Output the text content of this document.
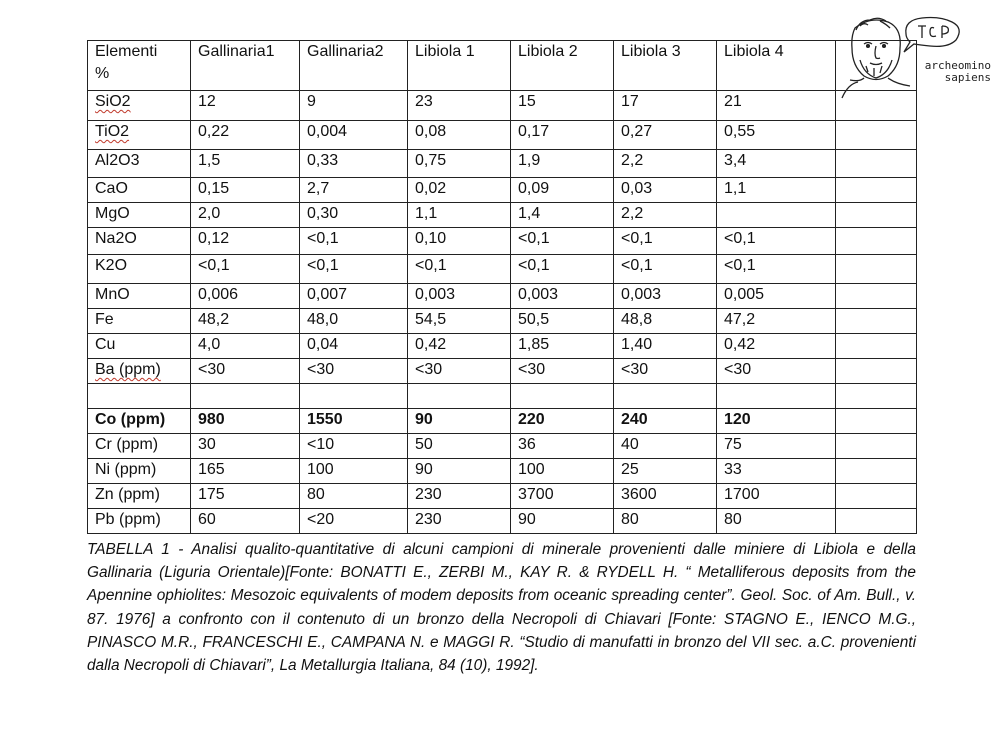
Elementi
%	Gallinaria1	Gallinaria2	Libiola 1	Libiola 2	Libiola 3	Libiola 4	

SiO2	12	9	23	15	17	21	
TiO2	0,22	0,004	0,08	0,17	0,27	0,55	
Al2O3	1,5	0,33	0,75	1,9	2,2	3,4	
CaO	0,15	2,7	0,02	0,09	0,03	1,1	
MgO	2,0	0,30	1,1	1,4	2,2		
Na2O	0,12	<0,1	0,10	<0,1	<0,1	<0,1	
K2O	<0,1	<0,1	<0,1	<0,1	<0,1	<0,1	
MnO	0,006	0,007	0,003	0,003	0,003	0,005	
Fe	48,2	48,0	54,5	50,5	48,8	47,2	
Cu	4,0	0,04	0,42	1,85	1,40	0,42	
Ba (ppm)	<30	<30	<30	<30	<30	<30	

Co (ppm)	980	1550	90	220	240	120	
Cr (ppm)	30	<10	50	36	40	75	
Ni (ppm)	165	100	90	100	25	33	
Zn (ppm)	175	80	230	3700	3600	1700	
Pb (ppm)	60	<20	230	90	80	80	
TABELLA 1 - Analisi qualito-quantitative di alcuni campioni di minerale provenienti dalle miniere di Libiola e della Gallinaria (Liguria Orientale)[Fonte: BONATTI E., ZERBI M., KAY R. & RYDELL H. “ Metalliferous deposits from the Apennine ophiolites: Mesozoic equivalents of modem deposits from oceanic spreading center”. Geol. Soc. of Am. Bull., v. 87. 1976] a confronto con il contenuto di un bronzo della Necropoli di Chiavari [Fonte: STAGNO E., IENCO M.G., PINASCO M.R., FRANCESCHI E., CAMPANA N. e MAGGI R. “Studio di manufatti in bronzo del VII sec. a.C. provenienti dalla Necropoli di Chiavari”, La Metallurgia Italiana, 84 (10), 1992].
archeomino
sapiens
